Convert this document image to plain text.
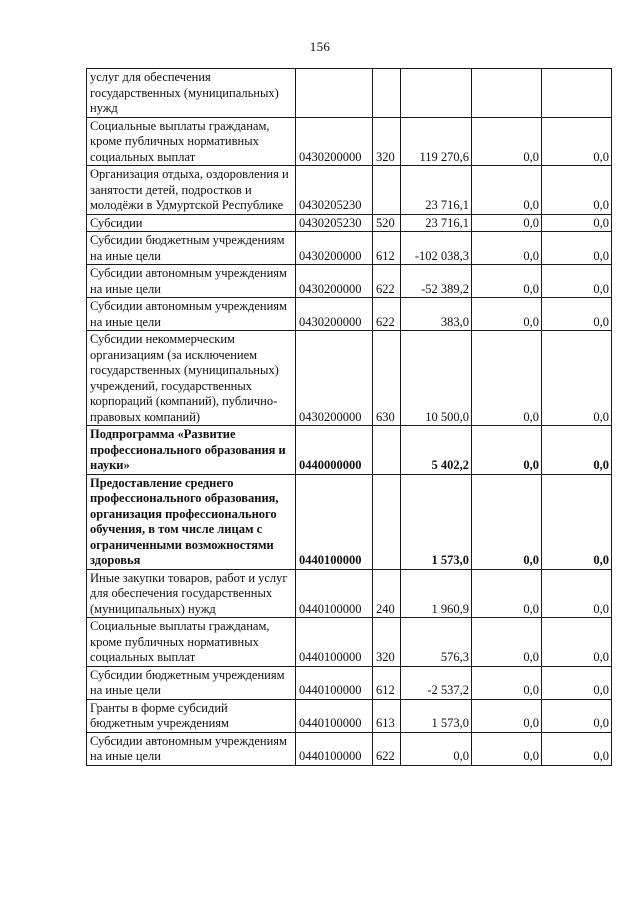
156
услуг для обеспечения государственных (муниципальных) нужд					
Социальные выплаты гражданам, кроме публичных нормативных социальных выплат	0430200000	320	119 270,6	0,0	0,0
Организация отдыха, оздоровления и занятости детей, подростков и молодёжи в Удмуртской Республике	0430205230		23 716,1	0,0	0,0
Субсидии	0430205230	520	23 716,1	0,0	0,0
Субсидии бюджетным учреждениям на иные цели	0430200000	612	-102 038,3	0,0	0,0
Субсидии автономным учреждениям на иные цели	0430200000	622	-52 389,2	0,0	0,0
Субсидии автономным учреждениям на иные цели	0430200000	622	383,0	0,0	0,0
Субсидии некоммерческим организациям (за исключением государственных (муниципальных) учреждений, государственных корпораций (компаний), публично-правовых компаний)	0430200000	630	10 500,0	0,0	0,0
Подпрограмма «Развитие профессионального образования и науки»	0440000000		5 402,2	0,0	0,0
Предоставление среднего профессионального образования, организация профессионального обучения, в том числе лицам с ограниченными возможностями здоровья	0440100000		1 573,0	0,0	0,0
Иные закупки товаров, работ и услуг для обеспечения государственных (муниципальных) нужд	0440100000	240	1 960,9	0,0	0,0
Социальные выплаты гражданам, кроме публичных нормативных социальных выплат	0440100000	320	576,3	0,0	0,0
Субсидии бюджетным учреждениям на иные цели	0440100000	612	-2 537,2	0,0	0,0
Гранты в форме субсидий бюджетным учреждениям	0440100000	613	1 573,0	0,0	0,0
Субсидии автономным учреждениям на иные цели	0440100000	622	0,0	0,0	0,0
